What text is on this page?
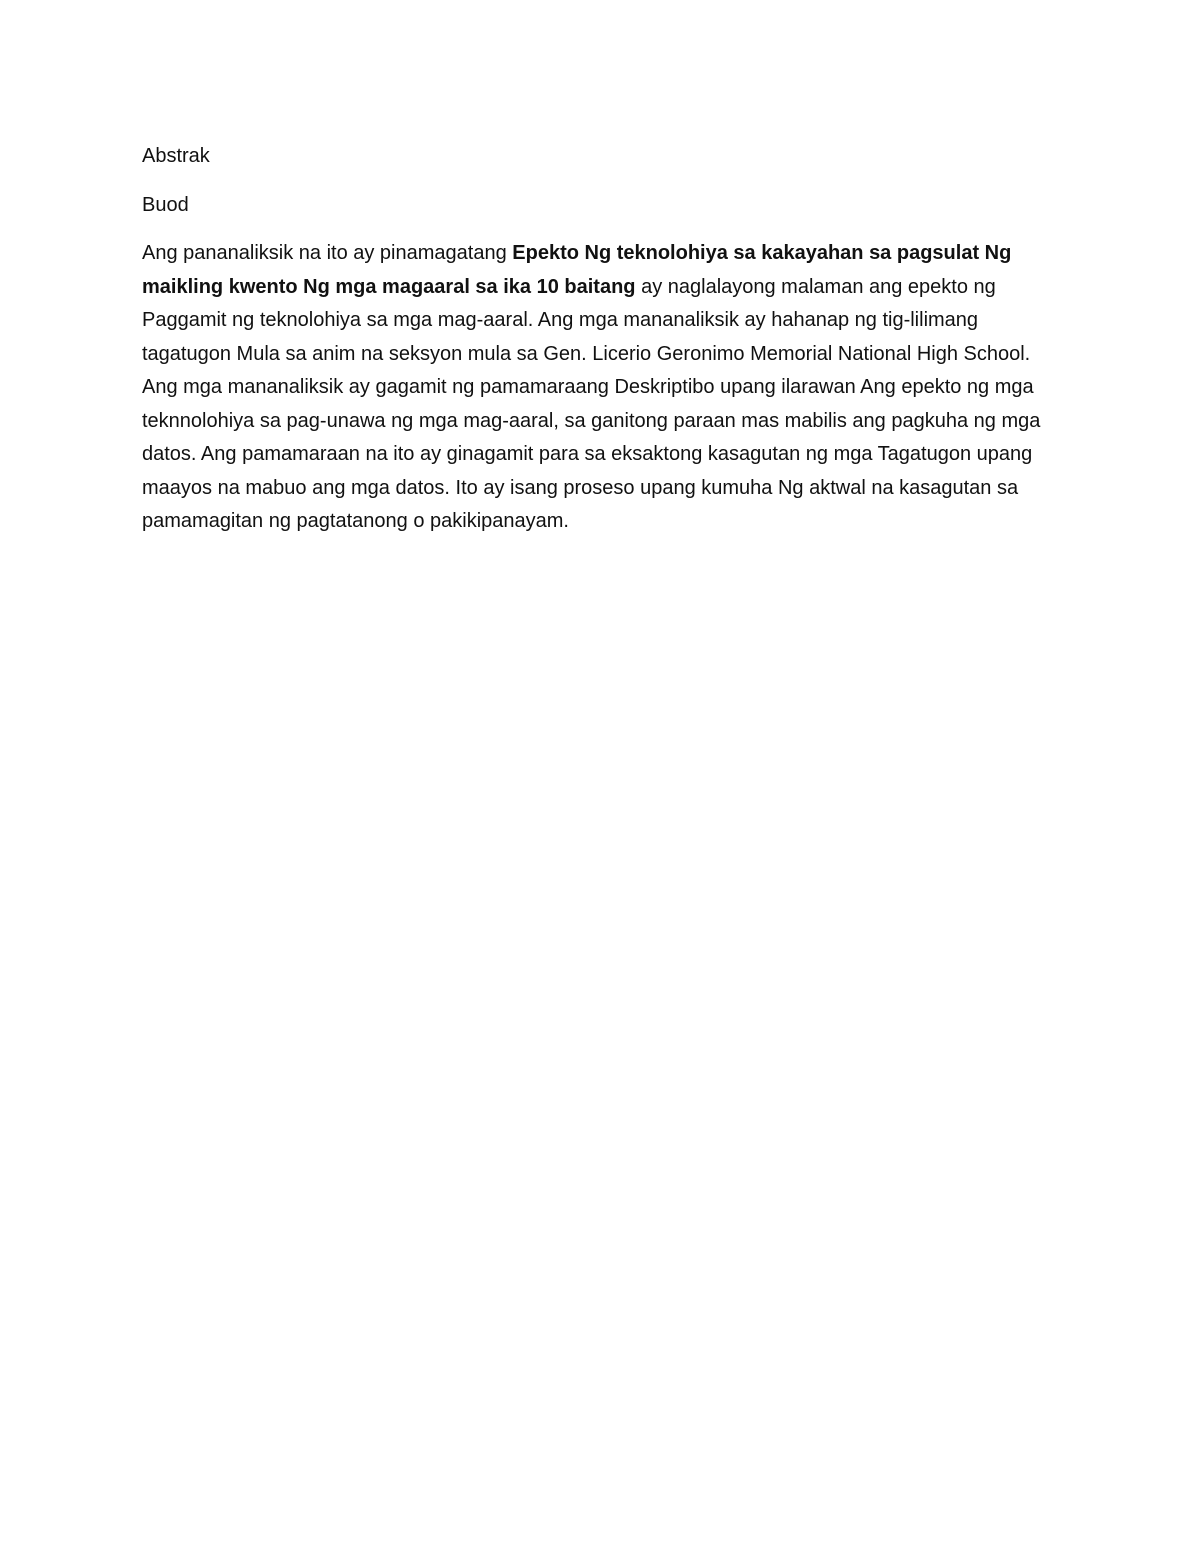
Abstrak

Buod

Ang pananaliksik na ito ay pinamagatang Epekto Ng teknolohiya sa kakayahan sa pagsulat Ng maikling kwento Ng mga magaaral sa ika 10 baitang ay naglalayong malaman ang epekto ng Paggamit ng teknolohiya sa mga mag-aaral. Ang mga mananaliksik ay hahanap ng tig-lilimang tagatugon Mula sa anim na seksyon mula sa Gen. Licerio Geronimo Memorial National High School. Ang mga mananaliksik ay gagamit ng pamamaraang Deskriptibo upang ilarawan Ang epekto ng mga teknnolohiya sa pag-unawa ng mga mag-aaral, sa ganitong paraan mas mabilis ang pagkuha ng mga datos. Ang pamamaraan na ito ay ginagamit para sa eksaktong kasagutan ng mga Tagatugon upang maayos na mabuo ang mga datos. Ito ay isang proseso upang kumuha Ng aktwal na kasagutan sa pamamagitan ng pagtatanong o pakikipanayam.
